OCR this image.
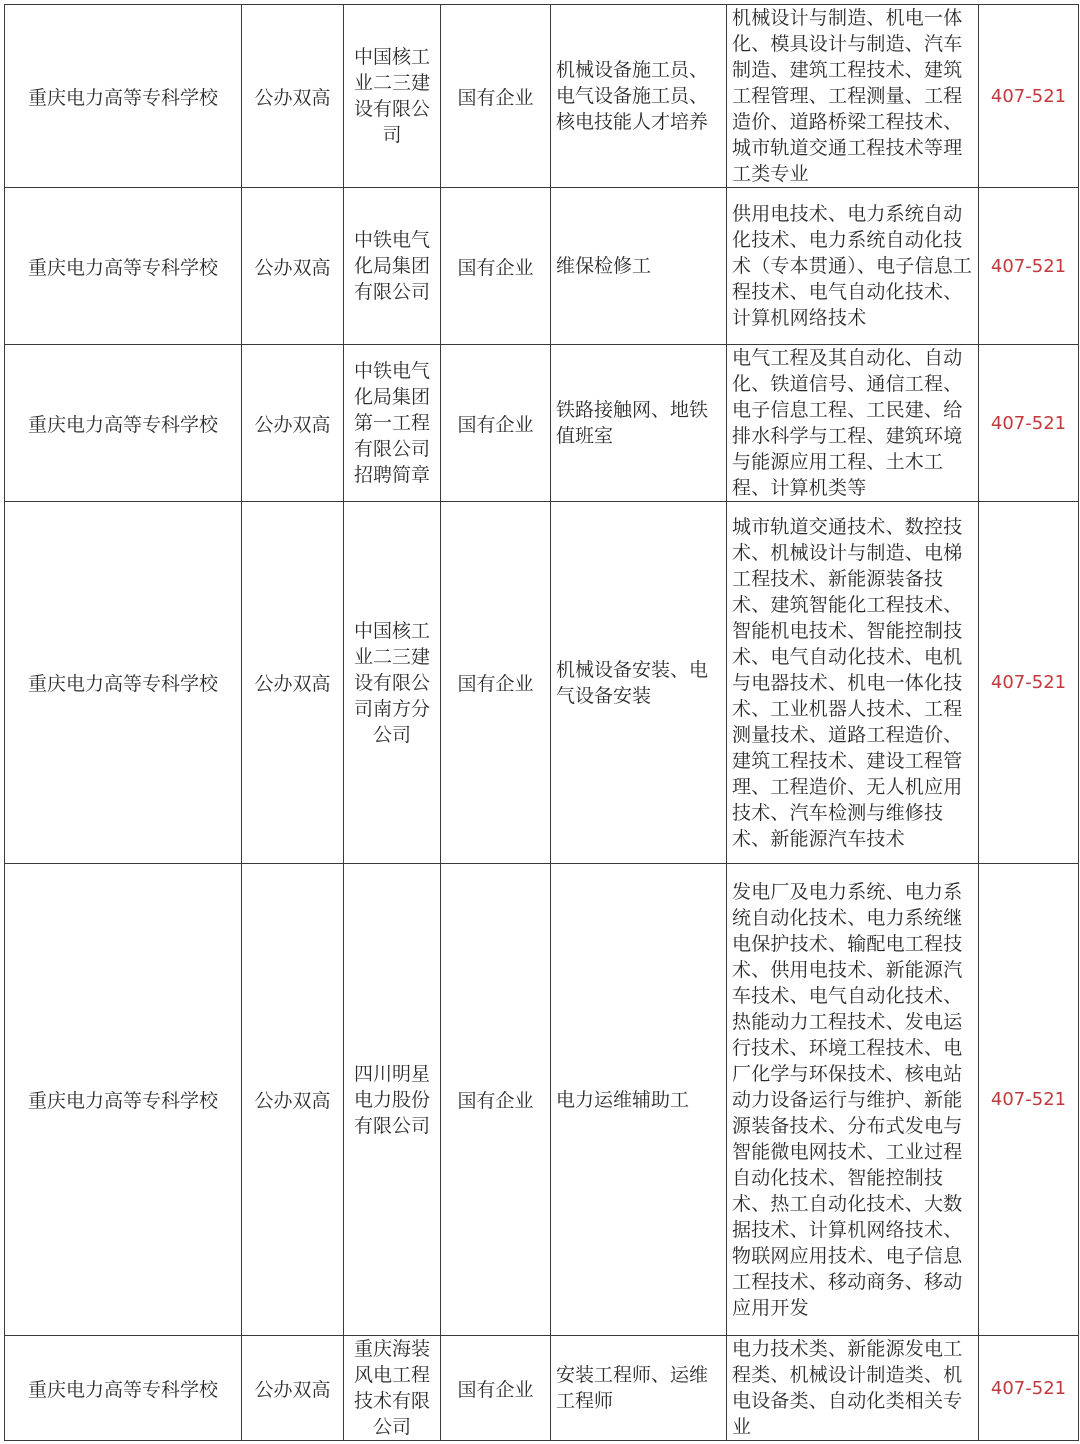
重庆电力高等专科学校	公办双高	中国核工业二三建设有限公司	国有企业	机械设备施工员、电气设备施工员、核电技能人才培养	机械设计与制造、机电一体化、模具设计与制造、汽车制造、建筑工程技术、建筑工程管理、工程测量、工程造价、道路桥梁工程技术、城市轨道交通工程技术等理工类专业	407-521
重庆电力高等专科学校	公办双高	中铁电气化局集团有限公司	国有企业	维保检修工	供用电技术、电力系统自动化技术、电力系统自动化技术（专本贯通）、电子信息工程技术、电气自动化技术、计算机网络技术	407-521
重庆电力高等专科学校	公办双高	中铁电气化局集团第一工程有限公司招聘简章	国有企业	铁路接触网、地铁值班室	电气工程及其自动化、自动化、铁道信号、通信工程、电子信息工程、工民建、给排水科学与工程、建筑环境与能源应用工程、土木工程、计算机类等	407-521
重庆电力高等专科学校	公办双高	中国核工业二三建设有限公司南方分公司	国有企业	机械设备安装、电气设备安装	城市轨道交通技术、数控技术、机械设计与制造、电梯工程技术、新能源装备技术、建筑智能化工程技术、智能机电技术、智能控制技术、电气自动化技术、电机与电器技术、机电一体化技术、工业机器人技术、工程测量技术、道路工程造价、建筑工程技术、建设工程管理、工程造价、无人机应用技术、汽车检测与维修技术、新能源汽车技术	407-521
重庆电力高等专科学校	公办双高	四川明星电力股份有限公司	国有企业	电力运维辅助工	发电厂及电力系统、电力系统自动化技术、电力系统继电保护技术、输配电工程技术、供用电技术、新能源汽车技术、电气自动化技术、热能动力工程技术、发电运行技术、环境工程技术、电厂化学与环保技术、核电站动力设备运行与维护、新能源装备技术、分布式发电与智能微电网技术、工业过程自动化技术、智能控制技术、热工自动化技术、大数据技术、计算机网络技术、物联网应用技术、电子信息工程技术、移动商务、移动应用开发	407-521
重庆电力高等专科学校	公办双高	重庆海装风电工程技术有限公司	国有企业	安装工程师、运维工程师	电力技术类、新能源发电工程类、机械设计制造类、机电设备类、自动化类相关专业	407-521
